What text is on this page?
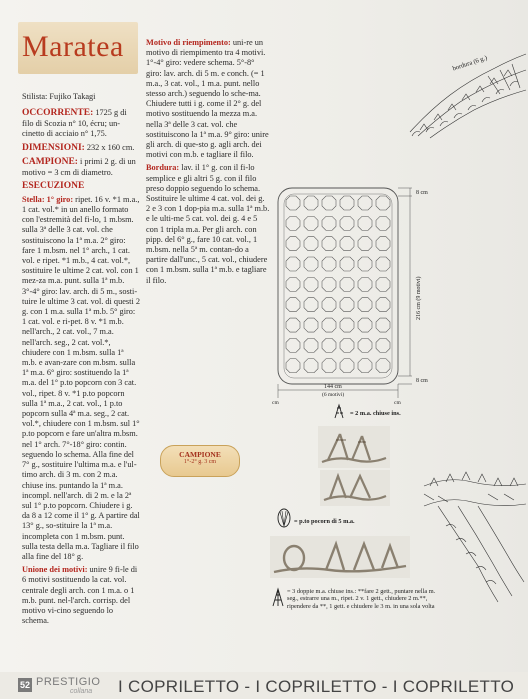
Maratea

Stilista: Fujiko Takagi

OCCORRENTE: 1725 g di filo di Scozia n° 10, écru; un-cinetto di acciaio n° 1,75.

DIMENSIONI: 232 x 160 cm.

CAMPIONE: i primi 2 g. di un motivo = 3 cm di diametro.

ESECUZIONE

Stella: 1° giro: ripet. 16 v. *1 m.a., 1 cat. vol.* in un anello formato con l'estremità del fi-lo, 1 m.bsm. sulla 3ª delle 3 cat. vol. che sostituiscono la 1ª m.a. 2° giro: fare 1 m.bsm. nel 1° arch., 1 cat. vol. e ripet. *1 m.b., 4 cat. vol.*, sostituire le ultime 2 cat. vol. con 1 mez-za m.a. punt. sulla 1ª m.b. 3°-4° giro: lav. arch. di 5 m., sosti-tuire le ultime 3 cat. vol. di questi 2 g. con 1 m.a. sulla 1ª m.b. 5° giro: 1 cat. vol. e ri-pet. 8 v. *1 m.b. nell'arch., 2 cat. vol., 7 m.a. nell'arch. seg., 2 cat. vol.*, chiudere con 1 m.bsm. sulla 1ª m.b. e avan-zare con m.bsm. sulla 1ª m.a. 6° giro: sostituendo la 1ª m.a. del 1° p.to popcorn con 3 cat. vol., ripet. 8 v. *1 p.to popcorn sulla 1ª m.a., 2 cat. vol., 1 p.to popcorn sulla 4ª m.a. seg., 2 cat. vol.*, chiudere con 1 m.bsm. sul 1° p.to popcorn e fare un'altra m.bsm. nel 1° arch. 7°-18° giro: contin. seguendo lo schema. Alla fine del 7° g., sostituire l'ultima m.a. e l'ul-timo arch. di 3 m. con 2 m.a. chiuse ins. puntando la 1ª m.a. incompl. nell'arch. di 2 m. e la 2ª sul 1° p.to popcorn. Chiudere i g. da 8 a 12 come il 1° g. A partire dal 13° g., so-stituire la 1ª m.a. incompleta con 1 m.bsm. punt. sulla testa della m.a. Tagliare il filo alla fine del 18° g.

Unione dei motivi: unire 9 fi-le di 6 motivi sostituendo la cat. vol. centrale degli arch. con 1 m.a. o 1 m.b. punt. nel-l'arch. corrisp. del motivo vi-cino seguendo lo schema.

Motivo di riempimento: uni-re un motivo di riempimento tra 4 motivi. 1°-4° giro: vedere schema. 5°-8° giro: lav. arch. di 5 m. e conch. (= 1 m.a., 3 cat. vol., 1 m.a. punt. nello stesso arch.) seguendo lo sche-ma. Chiudere tutti i g. come il 2° g. del motivo sostituendo la mezza m.a. nella 3ª delle 3 cat. vol. che sostituiscono la 1ª m.a. 9° giro: unire gli arch. di que-sto g. agli arch. dei motivi con m.b. e tagliare il filo.

Bordura: lav. il 1° g. con il fi-lo semplice e gli altri 5 g. con il filo preso doppio seguendo lo schema. Sostituire le ultime 4 cat. vol. dei g. 2 e 3 con 1 dop-pia m.a. sulla 1ª m.b. e le ulti-me 5 cat. vol. dei g. 4 e 5 con 1 tripla m.a. Per gli arch. con pipp. del 6° g., fare 10 cat. vol., 1 m.bsm. nella 5ª m. contan-do a partire dall'unc., 5 cat. vol., chiudere con 1 m.bsm. sulla 1ª m.b. e tagliare il filo.

bordura (6 g.)
8 cm
216 cm (9 motivi)
8 cm
144 cm
(6 motivi)
cm	cm
CAMPIONE
1°-2° g. 3 cm
= 2 m.a. chiuse ins.
= p.to pocorn di 5 m.a.
= 3 doppie m.a. chiuse ins.: **fare 2 gett., puntare nella m. seg., estrarre una m., ripet. 2 v. 1 gett., chiudere 2 m.**, ripendere da **, 1 gett. e chiudere le 3 m. in una sola volta
52 PRESTIGIO
collana I COPRILETTO - I COPRILETTO - I COPRILETTO
